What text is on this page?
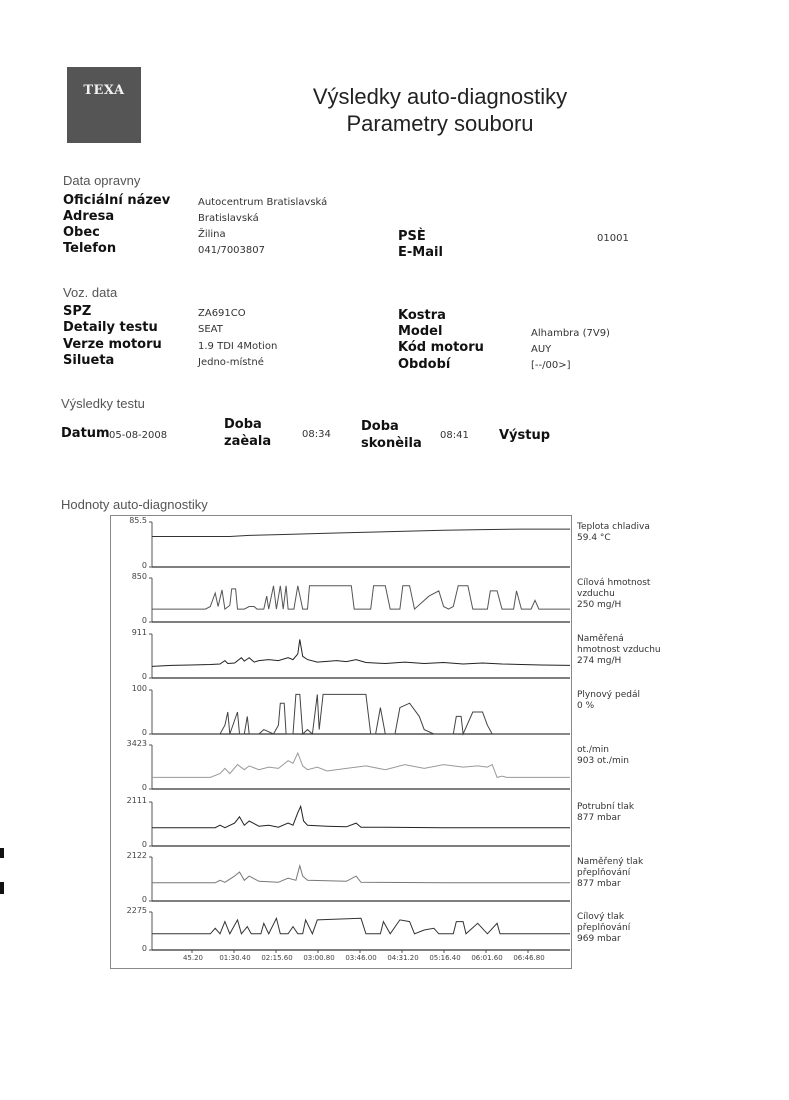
TEXA	Výsledky auto-diagnostiky
Parametry souboru
Data opravny
Oficiální název	Autocentrum Bratislavská
Adresa	Bratislavská
Obec	Žilina
Telefon	041/7003807
PSÈ	01001
E-Mail
Voz. data
SPZ	ZA691CO
Detaily testu	SEAT
Verze motoru	1.9 TDI 4Motion
Silueta	Jedno-místné
Kostra
Model	Alhambra (7V9)
Kód motoru	AUY
Období	[--/00>]
Výsledky testu
Datum 05-08-2008
Doba
zaèala	08:34
Doba
skonèila
08:41 Výstup
Hodnoty auto-diagnostiky
85.5
0
Teplota chladiva
59.4 °C
850
0
Cílová hmotnost
vzduchu
250 mg/H
911
0
Naměřená
hmotnost vzduchu
274 mg/H
100
0
Plynový pedál
0 %
3423
0
ot./min
903 ot./min
2111
0
Potrubní tlak
877 mbar
2122
0
Naměřený tlak
přeplňování
877 mbar
2275
0
Cílový tlak
přeplňování
969 mbar
45.20	01:30.40 02:15.60 03:00.80 03:46.00 04:31.20 05:16.40 06:01.60 06:46.80
